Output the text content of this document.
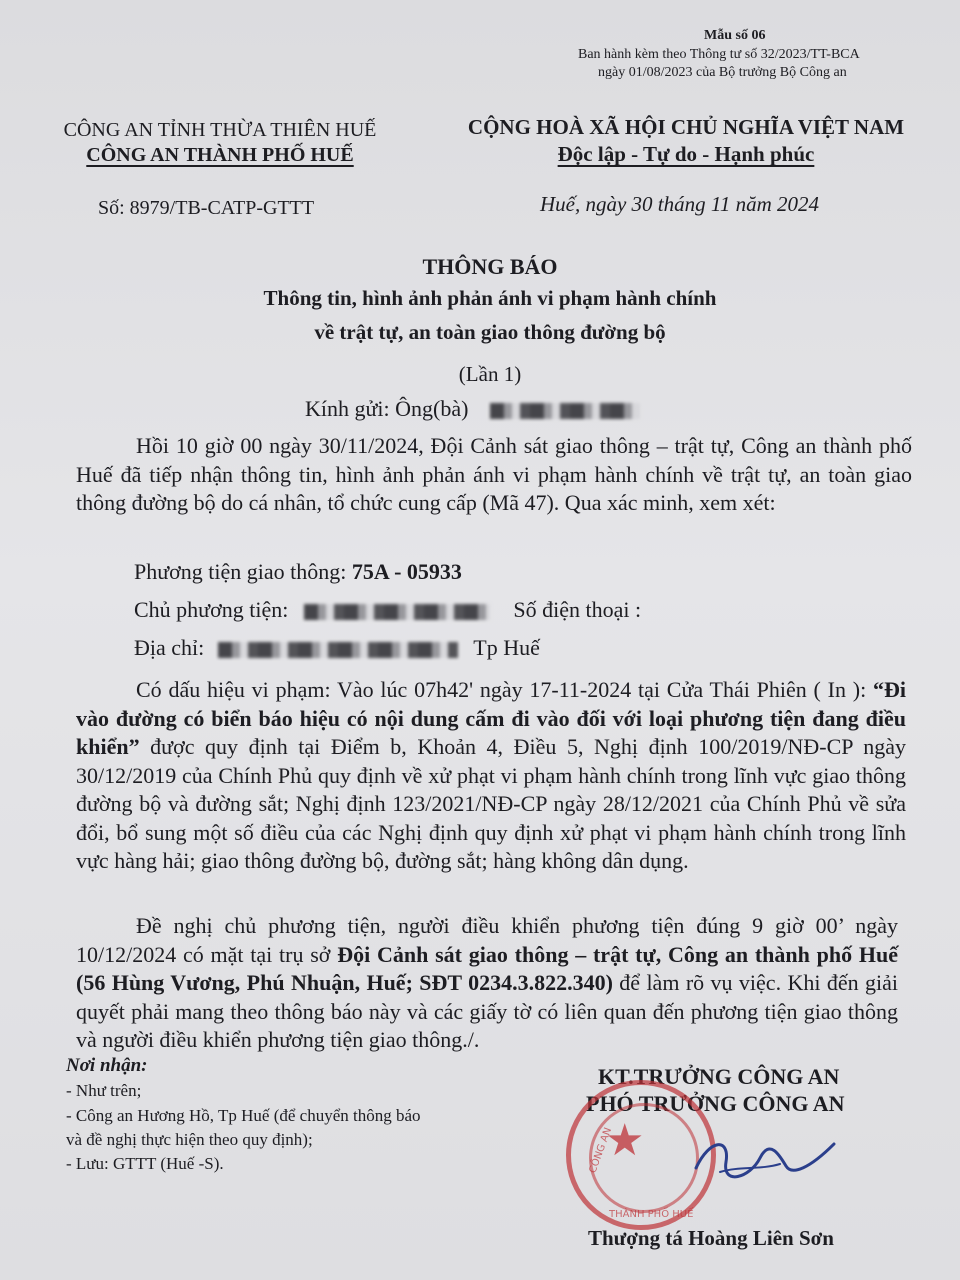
Mẫu số 06
Ban hành kèm theo Thông tư số 32/2023/TT-BCA
ngày 01/08/2023 của Bộ trưởng Bộ Công an
CÔNG AN TỈNH THỪA THIÊN HUẾ
CÔNG AN THÀNH PHỐ HUẾ
Số: 8979/TB-CATP-GTTT
CỘNG HOÀ XÃ HỘI CHỦ NGHĨA VIỆT NAM
Độc lập - Tự do - Hạnh phúc
Huế, ngày 30 tháng 11 năm 2024
THÔNG BÁO
Thông tin, hình ảnh phản ánh vi phạm hành chính
về trật tự, an toàn giao thông đường bộ
(Lần 1)
Kính gửi: Ông(bà)
Hồi 10 giờ 00 ngày 30/11/2024, Đội Cảnh sát giao thông – trật tự, Công an thành phố Huế đã tiếp nhận thông tin, hình ảnh phản ánh vi phạm hành chính về trật tự, an toàn giao thông đường bộ do cá nhân, tổ chức cung cấp (Mã 47). Qua xác minh, xem xét:
Phương tiện giao thông: 75A - 05933
Chủ phương tiện:	Số điện thoại :
Địa chỉ:	Tp Huế
Có dấu hiệu vi phạm: Vào lúc 07h42' ngày 17-11-2024 tại Cửa Thái Phiên ( In ): “Đi vào đường có biển báo hiệu có nội dung cấm đi vào đối với loại phương tiện đang điều khiển” được quy định tại Điểm b, Khoản 4, Điều 5, Nghị định 100/2019/NĐ-CP ngày 30/12/2019 của Chính Phủ quy định về xử phạt vi phạm hành chính trong lĩnh vực giao thông đường bộ và đường sắt; Nghị định 123/2021/NĐ-CP ngày 28/12/2021 của Chính Phủ về sửa đổi, bổ sung một số điều của các Nghị định quy định xử phạt vi phạm hành chính trong lĩnh vực hàng hải; giao thông đường bộ, đường sắt; hàng không dân dụng.
Đề nghị chủ phương tiện, người điều khiển phương tiện đúng 9 giờ 00’ ngày 10/12/2024 có mặt tại trụ sở Đội Cảnh sát giao thông – trật tự, Công an thành phố Huế (56 Hùng Vương, Phú Nhuận, Huế; SĐT 0234.3.822.340) để làm rõ vụ việc. Khi đến giải quyết phải mang theo thông báo này và các giấy tờ có liên quan đến phương tiện giao thông và người điều khiển phương tiện giao thông./.
Nơi nhận:
- Như trên;
- Công an Hương Hồ, Tp Huế (để chuyển thông báo
và đề nghị thực hiện theo quy định);
- Lưu: GTTT (Huế -S).
KT.TRƯỞNG CÔNG AN
PHÓ TRƯỞNG CÔNG AN
★
CÔNG AN
THÀNH PHỐ HUẾ
Thượng tá Hoàng Liên Sơn
